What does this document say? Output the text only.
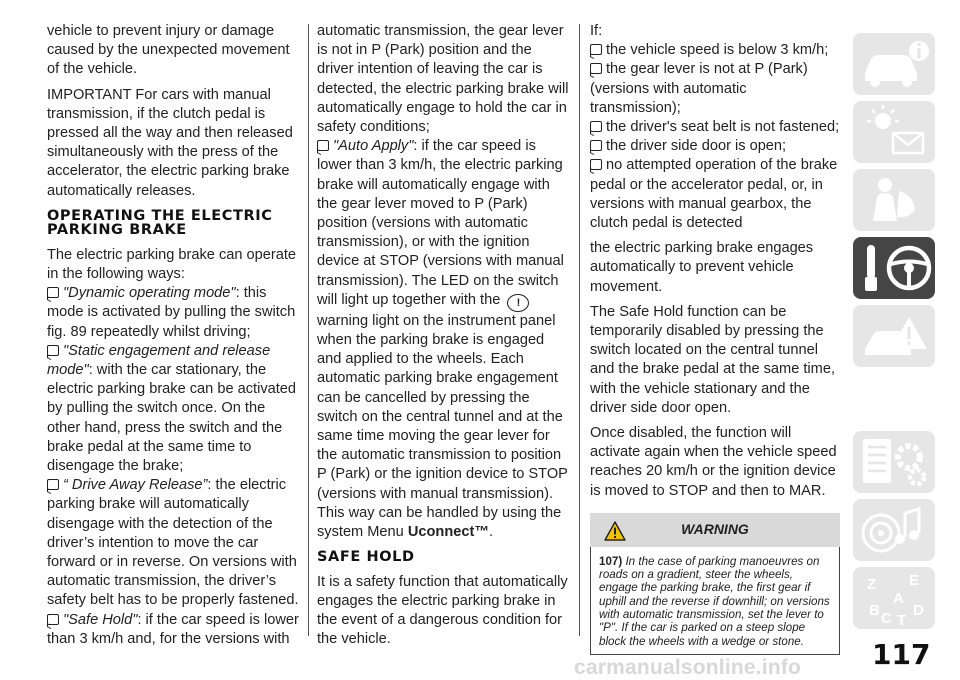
vehicle to prevent injury or damage caused by the unexpected movement of the vehicle.

IMPORTANT For cars with manual transmission, if the clutch pedal is pressed all the way and then released simultaneously with the press of the accelerator, the electric parking brake automatically releases.

OPERATING THE ELECTRIC PARKING BRAKE

The electric parking brake can operate in the following ways:

"Dynamic operating mode": this mode is activated by pulling the switch fig. 89 repeatedly whilst driving;
"Static engagement and release mode": with the car stationary, the electric parking brake can be activated by pulling the switch once. On the other hand, press the switch and the brake pedal at the same time to disengage the brake;
“ Drive Away Release”: the electric parking brake will automatically disengage with the detection of the driver’s intention to move the car forward or in reverse. On versions with automatic transmission, the driver’s safety belt has to be properly fastened.
"Safe Hold": if the car speed is lower than 3 km/h and, for the versions with

automatic transmission, the gear lever is not in P (Park) position and the driver intention of leaving the car is detected, the electric parking brake will automatically engage to hold the car in safety conditions;

"Auto Apply": if the car speed is lower than 3 km/h, the electric parking brake will automatically engage with the gear lever moved to P (Park) position (versions with automatic transmission), or with the ignition device at STOP (versions with manual transmission). The LED on the switch will light up together with the !warning light on the instrument panel when the parking brake is engaged and applied to the wheels. Each automatic parking brake engagement can be cancelled by pressing the switch on the central tunnel and at the same time moving the gear lever for the automatic transmission to position P (Park) or the ignition device to STOP (versions with manual transmission). This way can be handled by using the system Menu Uconnect™.
SAFE HOLD

It is a safety function that automatically engages the electric parking brake in the event of a dangerous condition for the vehicle.

If:
the vehicle speed is below 3 km/h;
the gear lever is not at P (Park) (versions with automatic transmission);
the driver's seat belt is not fastened;
the driver side door is open;
no attempted operation of the brake pedal or the accelerator pedal, or, in versions with manual gearbox, the clutch pedal is detected

the electric parking brake engages automatically to prevent vehicle movement.

The Safe Hold function can be temporarily disabled by pressing the switch located on the central tunnel and the brake pedal at the same time, with the vehicle stationary and the driver side door open.

Once disabled, the function will activate again when the vehicle speed reaches 20 km/h or the ignition device is moved to STOP and then to MAR.

WARNING
107) In the case of parking manoeuvres on roads on a gradient, steer the wheels, engage the parking brake, the first gear if uphill and the reverse if downhill; on versions with automatic transmission, set the lever to "P". If the car is parked on a steep slope block the wheels with a wedge or stone.
Z E
B
A
C T
D
117
carmanualsonline.info
